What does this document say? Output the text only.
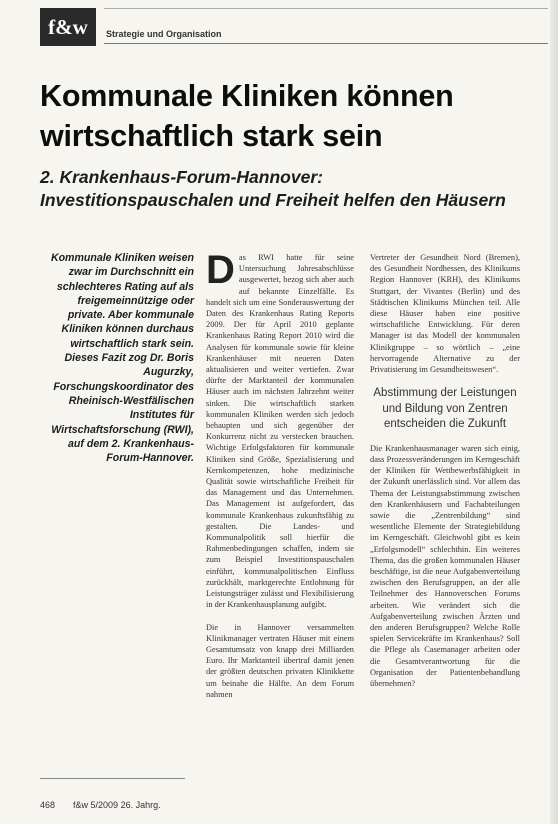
f&w	Strategie und Organisation
Kommunale Kliniken können
wirtschaftlich stark sein
2. Krankenhaus-Forum-Hannover:
Investitionspauschalen und Freiheit helfen den Häusern
Kommunale Kliniken weisen zwar im Durchschnitt ein schlechteres Rating auf als freigemeinnützige oder private. Aber kommunale Kliniken können durchaus wirtschaftlich stark sein. Dieses Fazit zog Dr. Boris Augurzky, Forschungskoordinator des Rheinisch-Westfälischen Institutes für Wirtschaftsforschung (RWI), auf dem 2. Krankenhaus-Forum-Hannover.

Das RWI hatte für seine Untersuchung Jahresabschlüsse ausgewertet, bezog sich aber auch auf bekannte Einzelfälle. Es handelt sich um eine Sonderauswertung der Daten des Krankenhaus Rating Reports 2009. Der für April 2010 geplante Krankenhaus Rating Report 2010 wird die Analysen für kommunale sowie für kleine Krankenhäuser mit neueren Daten aktualisieren und weiter vertiefen. Zwar dürfte der Marktanteil der kommunalen Häuser auch im nächsten Jahrzehnt weiter sinken. Die wirtschaftlich starken kommunalen Kliniken werden sich jedoch behaupten und sich gegenüber der Konkurrenz nicht zu verstecken brauchen. Wichtige Erfolgsfaktoren für kommunale Kliniken sind Größe, Spezialisierung und Kernkompetenzen, hohe medizinische Qualität sowie wirtschaftliche Freiheit für das Management und das Unternehmen. Das Management ist aufgefordert, das kommunale Krankenhaus zukunftsfähig zu gestalten. Die Landes- und Kommunalpolitik soll hierfür die Rahmenbedingungen schaffen, indem sie zum Beispiel Investitionspauschalen einführt, kommunalpolitischen Einfluss zurückhält, marktgerechte Entlohnung für Leistungsträger zulässt und Flexibilisierung in der Krankenhausplanung aufgibt.

Die in Hannover versammelten Klinikmanager vertraten Häuser mit einem Gesamtumsatz von knapp drei Milliarden Euro. Ihr Marktanteil übertraf damit jenen der größten deutschen privaten Klinikkette um beinahe die Hälfte. An dem Forum nahmen

Vertreter der Gesundheit Nord (Bremen), des Gesundheit Nordhessen, des Klinikums Region Hannover (KRH), des Klinikums Stuttgart, der Vivantes (Berlin) und des Städtischen Klinikums München teil. Alle diese Häuser haben eine positive wirtschaftliche Entwicklung. Für deren Manager ist das Modell der kommunalen Klinikgruppe – so wörtlich – „eine hervorragende Alternative zu der Privatisierung im Gesundheitswesen“.

Abstimmung der Leistungen und Bildung von Zentren entscheiden die Zukunft

Die Krankenhausmanager waren sich einig, dass Prozessveränderungen im Kerngeschäft der Kliniken für Wettbewerbsfähigkeit in der Zukunft unerlässlich sind. Vor allem das Thema der Leistungsabstimmung zwischen den Krankenhäusern und Fachabteilungen sowie die „Zentrenbildung“ sind wesentliche Elemente der Strategiebildung im Kerngeschäft. Gleichwohl gibt es kein „Erfolgsmodell“ schlechthin. Ein weiteres Thema, das die großen kommunalen Häuser beschäftige, ist die neue Aufgabenverteilung zwischen den Berufsgruppen, an der alle Teilnehmer des Hannoverschen Forums arbeiten. Wie verändert sich die Aufgabenverteilung zwischen Ärzten und den anderen Berufsgruppen? Welche Rolle spielen Servicekräfte im Krankenhaus? Soll die Pflege als Casemanager arbeiten oder die Gesamtverantwortung für die Organisation der Patientenbehandlung übernehmen?

468 f&w 5/2009 26. Jahrg.
